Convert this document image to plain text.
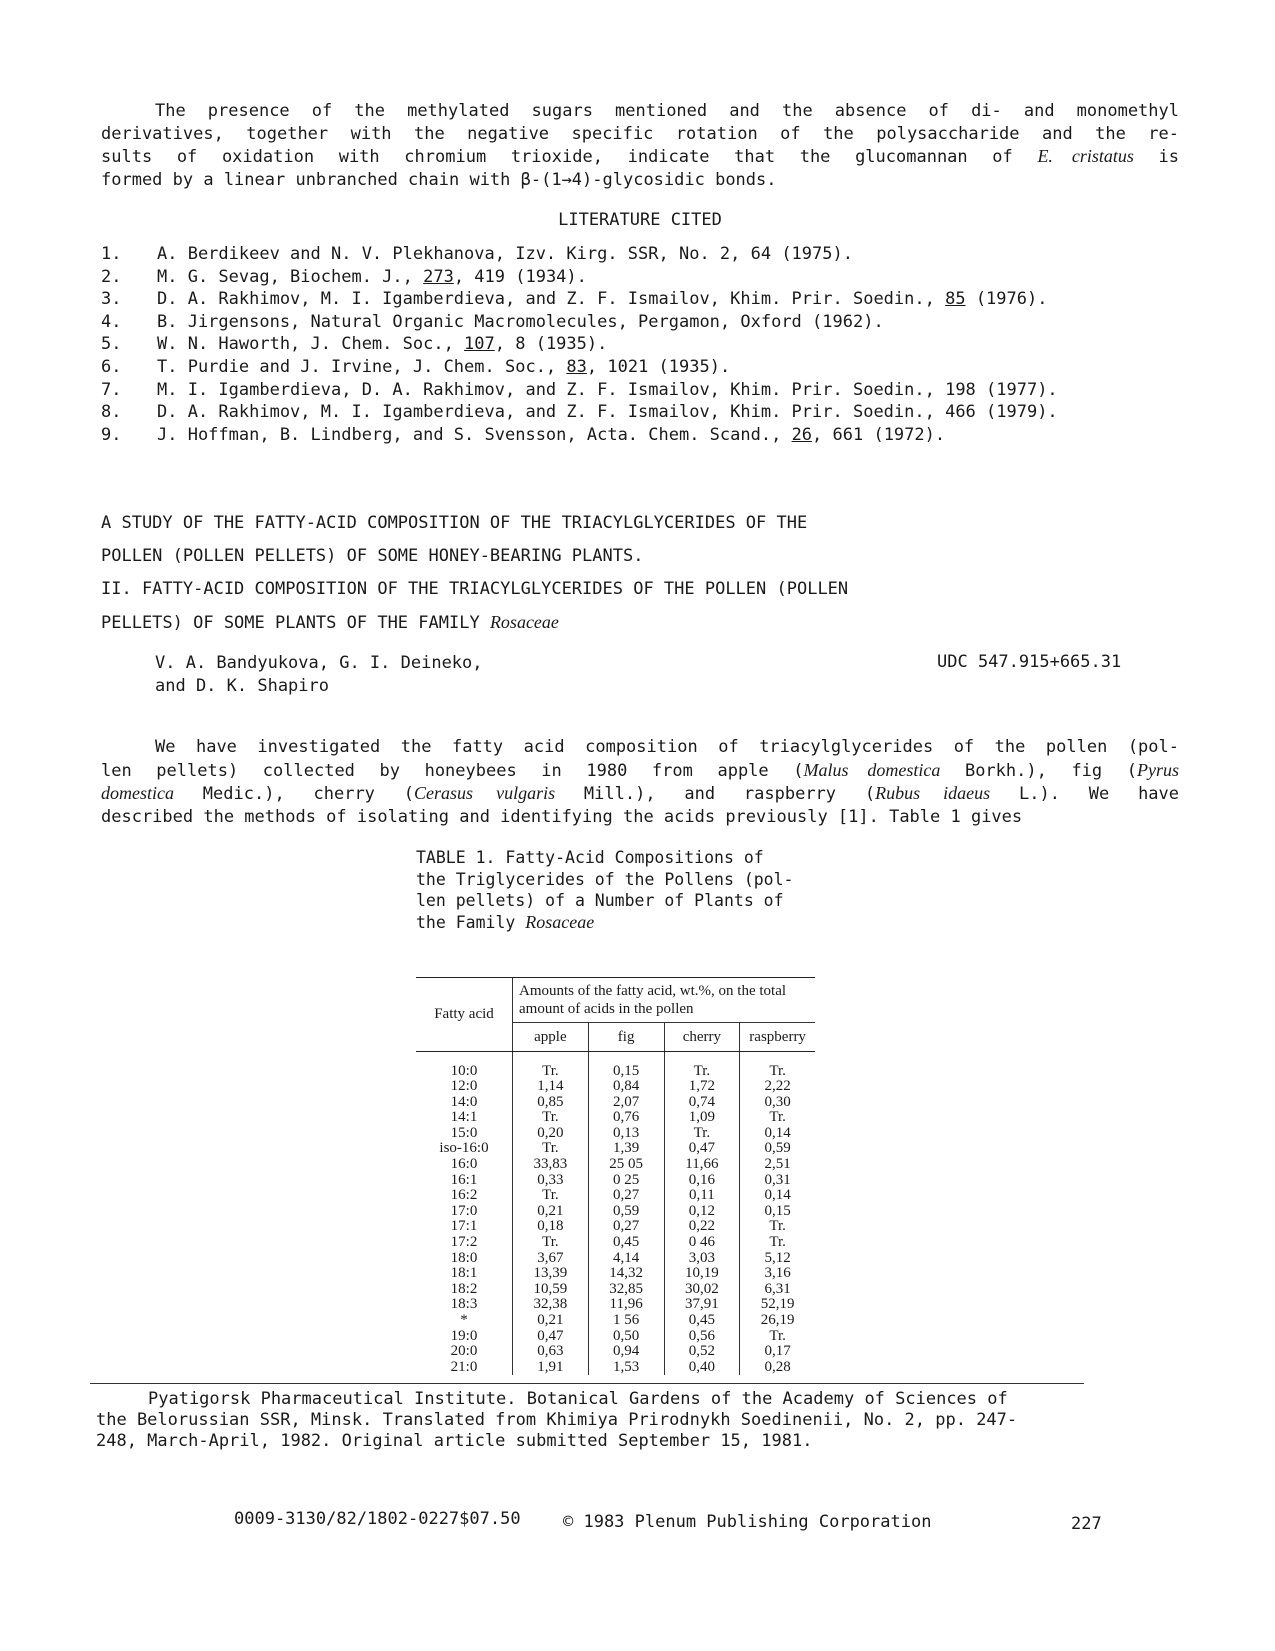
The presence of the methylated sugars mentioned and the absence of di- and monomethyl
derivatives, together with the negative specific rotation of the polysaccharide and the re-
sults of oxidation with chromium trioxide, indicate that the glucomannan of E. cristatus is
formed by a linear unbranched chain with β-(1→4)-glycosidic bonds.
LITERATURE CITED
1.	A. Berdikeev and N. V. Plekhanova, Izv. Kirg. SSR, No. 2, 64 (1975).
2.	M. G. Sevag, Biochem. J., 273, 419 (1934).
3.	D. A. Rakhimov, M. I. Igamberdieva, and Z. F. Ismailov, Khim. Prir. Soedin., 85 (1976).
4.	B. Jirgensons, Natural Organic Macromolecules, Pergamon, Oxford (1962).
5.	W. N. Haworth, J. Chem. Soc., 107, 8 (1935).
6.	T. Purdie and J. Irvine, J. Chem. Soc., 83, 1021 (1935).
7.	M. I. Igamberdieva, D. A. Rakhimov, and Z. F. Ismailov, Khim. Prir. Soedin., 198 (1977).
8.	D. A. Rakhimov, M. I. Igamberdieva, and Z. F. Ismailov, Khim. Prir. Soedin., 466 (1979).
9.	J. Hoffman, B. Lindberg, and S. Svensson, Acta. Chem. Scand., 26, 661 (1972).
A STUDY OF THE FATTY-ACID COMPOSITION OF THE TRIACYLGLYCERIDES OF THE
POLLEN (POLLEN PELLETS) OF SOME HONEY-BEARING PLANTS.
II. FATTY-ACID COMPOSITION OF THE TRIACYLGLYCERIDES OF THE POLLEN (POLLEN
PELLETS) OF SOME PLANTS OF THE FAMILY Rosaceae
V. A. Bandyukova, G. I. Deineko,
and D. K. Shapiro
UDC 547.915+665.31
We have investigated the fatty acid composition of triacylglycerides of the pollen (pol-
len pellets) collected by honeybees in 1980 from apple (Malus domestica Borkh.), fig (Pyrus
domestica Medic.), cherry (Cerasus vulgaris Mill.), and raspberry (Rubus idaeus L.). We have
described the methods of isolating and identifying the acids previously [1]. Table 1 gives
TABLE 1. Fatty-Acid Compositions of
the Triglycerides of the Pollens (pol-
len pellets) of a Number of Plants of
the Family Rosaceae
Fatty acid	Amounts of the fatty acid, wt.%, on the total amount of acids in the pollen			
	apple	fig	cherry	raspberry

10:0	Tr.	0,15	Tr.	Tr.
12:0	1,14	0,84	1,72	2,22
14:0	0,85	2,07	0,74	0,30
14:1	Tr.	0,76	1,09	Tr.
15:0	0,20	0,13	Tr.	0,14
iso-16:0	Tr.	1,39	0,47	0,59
16:0	33,83	25 05	11,66	2,51
16:1	0,33	0 25	0,16	0,31
16:2	Tr.	0,27	0,11	0,14
17:0	0,21	0,59	0,12	0,15
17:1	0,18	0,27	0,22	Tr.
17:2	Tr.	0,45	0 46	Tr.
18:0	3,67	4,14	3,03	5,12
18:1	13,39	14,32	10,19	3,16
18:2	10,59	32,85	30,02	6,31
18:3	32,38	11,96	37,91	52,19
*	0,21	1 56	0,45	26,19
19:0	0,47	0,50	0,56	Tr.
20:0	0,63	0,94	0,52	0,17
21:0	1,91	1,53	0,40	0,28
Pyatigorsk Pharmaceutical Institute. Botanical Gardens of the Academy of Sciences of
the Belorussian SSR, Minsk. Translated from Khimiya Prirodnykh Soedinenii, No. 2, pp. 247-
248, March-April, 1982. Original article submitted September 15, 1981.
0009-3130/82/1802-0227$07.50 © 1983 Plenum Publishing Corporation	227
